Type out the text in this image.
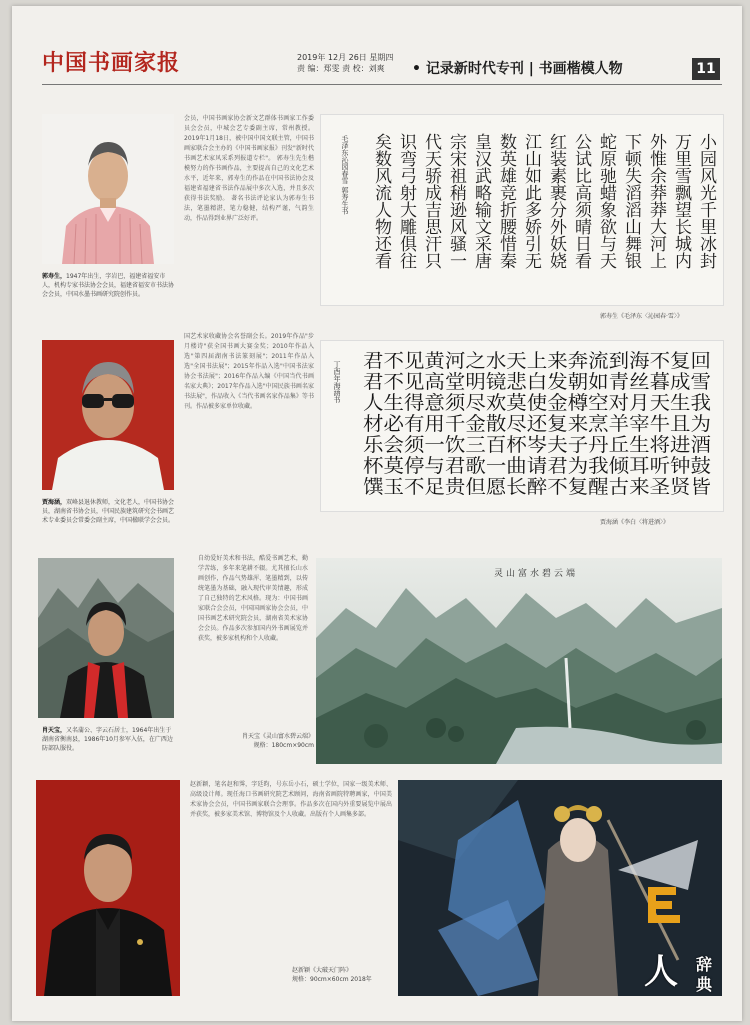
中国书画家报	2019年 12月 26日 星期四
责 编：郑雯 责 校：刘爽	• 记录新时代专刊 | 书画楷模人物	11
郭寿生，1947年出生，字岩巴，福建省福安市人，机构专家书法协会会员，福建省福安市书法协会会员，中国水墨书画研究院创作员。
会员，中国书画家协会新文艺群体书画家工作委员会会员，中城会艺专委副主席，常州教授。 2019年1月18日，被中国中国文联主管，中国书画家联合会主办的《中国书画家报》刊发"新时代书画艺术家风采系列报道专栏"。 郭寿生先生楷模努力的作书画作品，主要提高自己的文化艺术水平，近年来，郭寿生的作品在中国书法协会及福建省福建省书法作品展中多次入选，并且多次获得书法奖励。 著名书法评论家认为郭寿生书法，笔墨精湛，笔力稳健，结构严谨，气韵生动，作品得到业界广泛好评。	小园风光千里冰封
万里雪飘望长城内
外惟余莽莽大河上
下顿失滔滔山舞银
蛇原驰蜡象欲与天
公试比高须晴日看
红装素裹分外妖娆
江山如此多娇引无
数英雄竞折腰惜秦
皇汉武略输文采唐
宗宋祖稍逊风骚一
代天骄成吉思汗只
识弯弓射大雕俱往
矣数风流人物还看
毛泽东沁园春雪 郭寿生书
郭寿生《毛泽东〈沁园春·雪〉》
贾海涵，双峰县退休教师，文化老人，中国书协会员，湖南省书协会员，中国民族建筑研究会书画艺术专业委员会常委会副主席，中国楹联学会会员。
国艺术家收藏协会名誉副会长。2019年作品"步月楼诗"获全国书画大赛金奖；2010年作品入选"第四届湖南书法篆刻展"；2011年作品入选"全国书法展"；2015年作品入选"中国书法家协会书法展"；2016年作品入编《中国当代书画名家大典》；2017年作品入选"中国民族书画名家书法展"，作品收入《当代书画名家作品集》等书刊。作品被多家单位收藏。
君不见黄河之水天上来奔流到海不复回
君不见高堂明镜悲白发朝如青丝暮成雪
人生得意须尽欢莫使金樽空对月天生我
材必有用千金散尽还复来烹羊宰牛且为
乐会须一饮三百杯岑夫子丹丘生将进酒
杯莫停与君歌一曲请君为我倾耳听钟鼓
馔玉不足贵但愿长醉不复醒古来圣贤皆
丁酉年海涵书
贾海涵《李白〈将进酒〉》
肖天宝，又名蒲公、字云石居士，1964年出生于湖南省衡南县，1986年10月参军入伍，在广西边防部队服役。
自幼爱好美术和书法，酷爱书画艺术，勤学苦练，多年来笔耕不辍。尤其擅长山水画创作，作品气势雄浑、笔墨精到，以传统笔墨为基础，融入现代审美情趣，形成了自己独特的艺术风格。现为：中国书画家联合会会员，中国国画家协会会员，中国书画艺术研究院会员，湖南省美术家协会会员。作品多次参加国内外书画展览并获奖，被多家机构和个人收藏。
灵山富水碧云端
肖天宝《灵山富水碧云端》
规格：180cm×90cm
赵新颖，笔名赵和霁，字廷昀，号东岳小石，硕士学位，国家一级美术师、高级设计师。现任海口书画研究院艺术顾问，海南省画院特聘画家，中国美术家协会会员，中国书画家联合会理事。作品多次在国内外重要展览中展出并获奖，被多家美术馆、博物馆及个人收藏。出版有个人画集多部。
赵新颖《大破天门阵》
规格：90cm×60cm 2018年	人 辞
典
